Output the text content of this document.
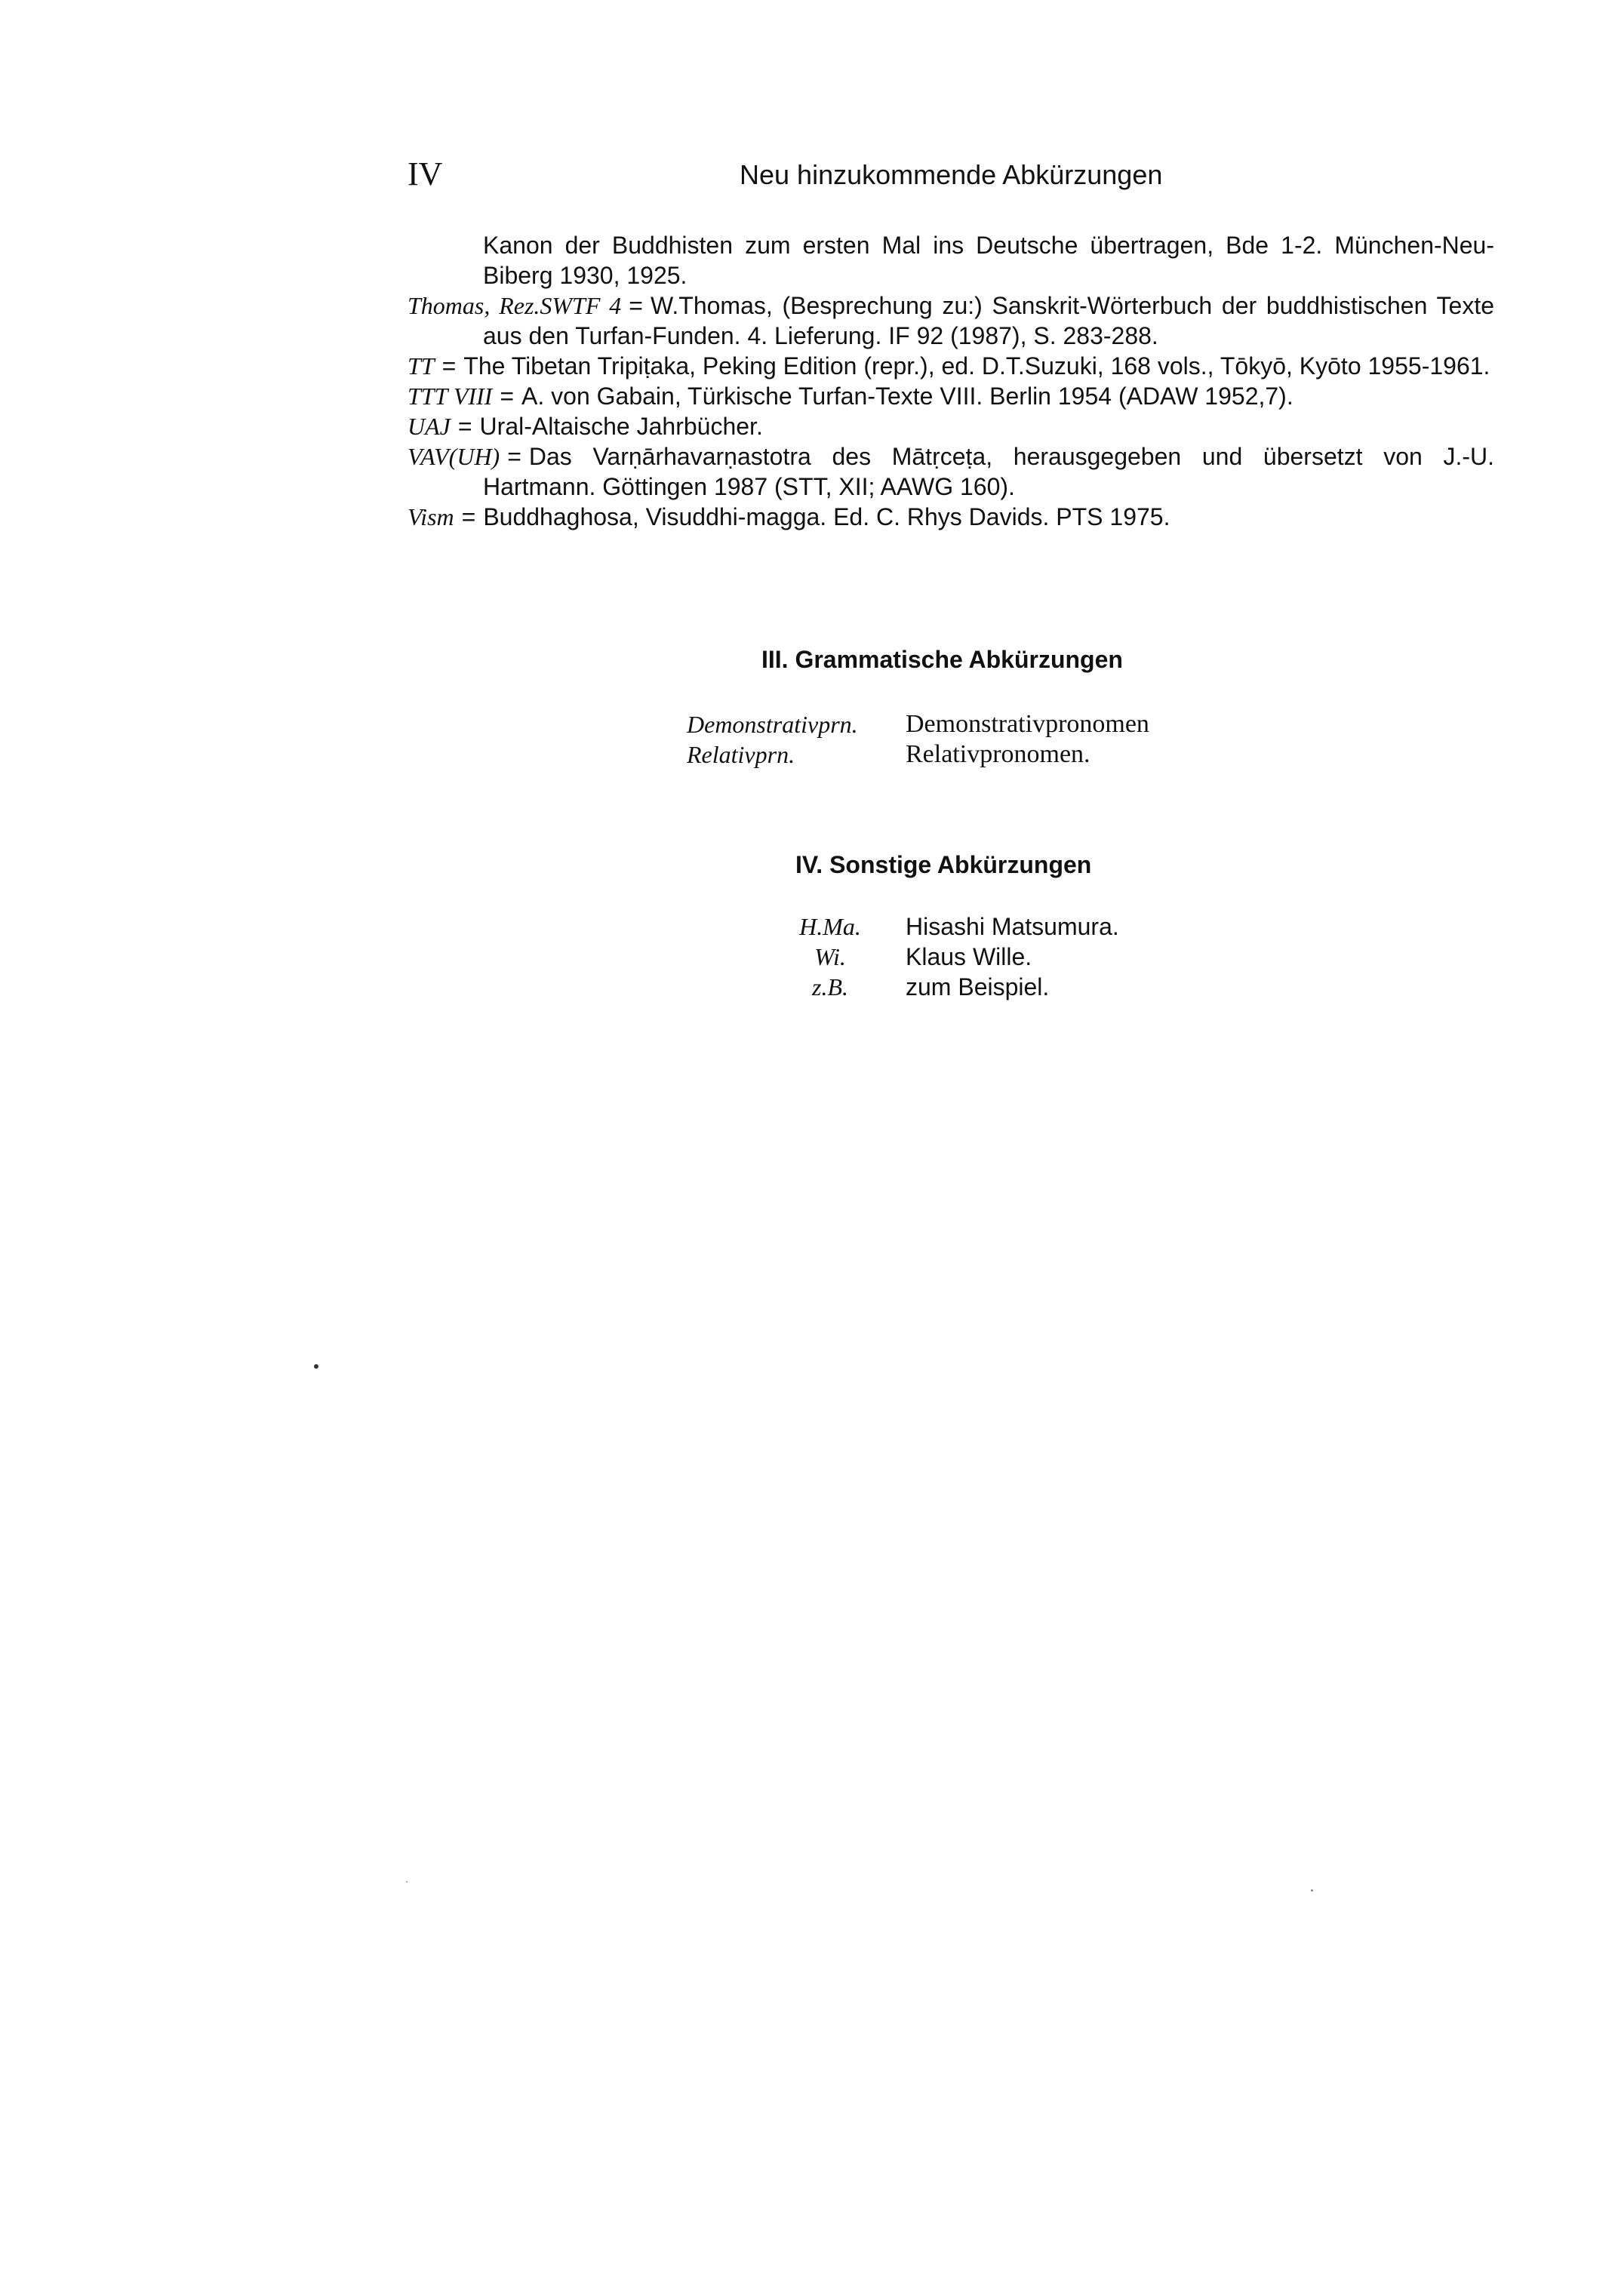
IV	Neu hinzukommende Abkürzungen

Kanon der Buddhisten zum ersten Mal ins Deutsche übertragen, Bde 1-2. München-Neu-Biberg 1930, 1925.

Thomas, Rez.SWTF 4 = W.Thomas, (Besprechung zu:) Sanskrit-Wörterbuch der buddhistischen Texte aus den Turfan-Funden. 4. Lieferung. IF 92 (1987), S. 283-288.

TT = The Tibetan Tripiṭaka, Peking Edition (repr.), ed. D.T.Suzuki, 168 vols., Tōkyō, Kyōto 1955-1961.

TTT VIII = A. von Gabain, Türkische Turfan-Texte VIII. Berlin 1954 (ADAW 1952,7).

UAJ = Ural-Altaische Jahrbücher.

VAV(UH) = Das Varṇārhavarṇastotra des Mātṛceṭa, herausgegeben und übersetzt von J.-U. Hartmann. Göttingen 1987 (STT, XII; AAWG 160).

Vism = Buddhaghosa, Visuddhi-magga. Ed. C. Rhys Davids. PTS 1975.

III. Grammatische Abkürzungen
Demonstrativprn.	Demonstrativpronomen
Relativprn.	Relativpronomen.
IV. Sonstige Abkürzungen
H.Ma.	Hisashi Matsumura.
Wi.	Klaus Wille.
z.B.	zum Beispiel.
